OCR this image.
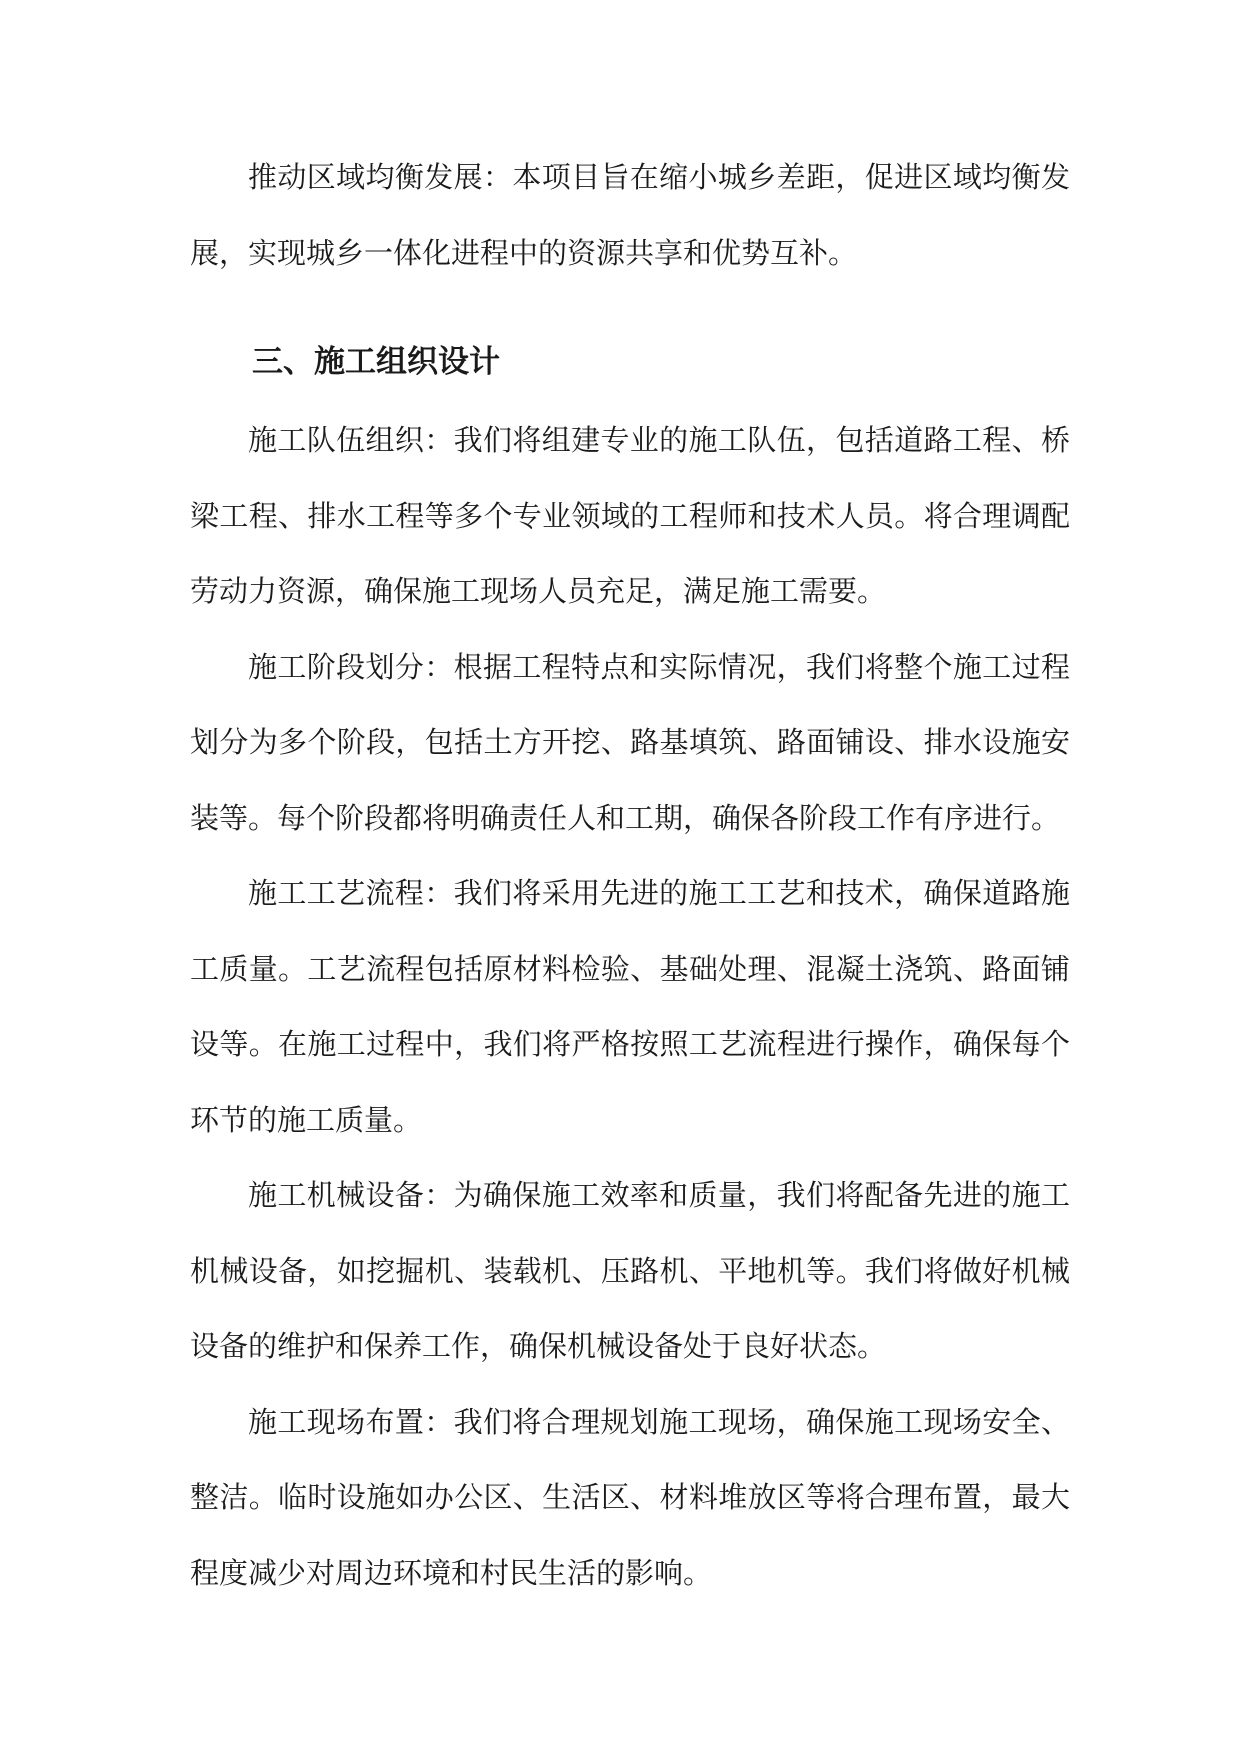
推动区域均衡发展：本项目旨在缩小城乡差距，促进区域均衡发展，实现城乡一体化进程中的资源共享和优势互补。

三、施工组织设计

施工队伍组织：我们将组建专业的施工队伍，包括道路工程、桥梁工程、排水工程等多个专业领域的工程师和技术人员。将合理调配劳动力资源，确保施工现场人员充足，满足施工需要。

施工阶段划分：根据工程特点和实际情况，我们将整个施工过程划分为多个阶段，包括土方开挖、路基填筑、路面铺设、排水设施安装等。每个阶段都将明确责任人和工期，确保各阶段工作有序进行。

施工工艺流程：我们将采用先进的施工工艺和技术，确保道路施工质量。工艺流程包括原材料检验、基础处理、混凝土浇筑、路面铺设等。在施工过程中，我们将严格按照工艺流程进行操作，确保每个环节的施工质量。

施工机械设备：为确保施工效率和质量，我们将配备先进的施工机械设备，如挖掘机、装载机、压路机、平地机等。我们将做好机械设备的维护和保养工作，确保机械设备处于良好状态。

施工现场布置：我们将合理规划施工现场，确保施工现场安全、整洁。临时设施如办公区、生活区、材料堆放区等将合理布置，最大程度减少对周边环境和村民生活的影响。
